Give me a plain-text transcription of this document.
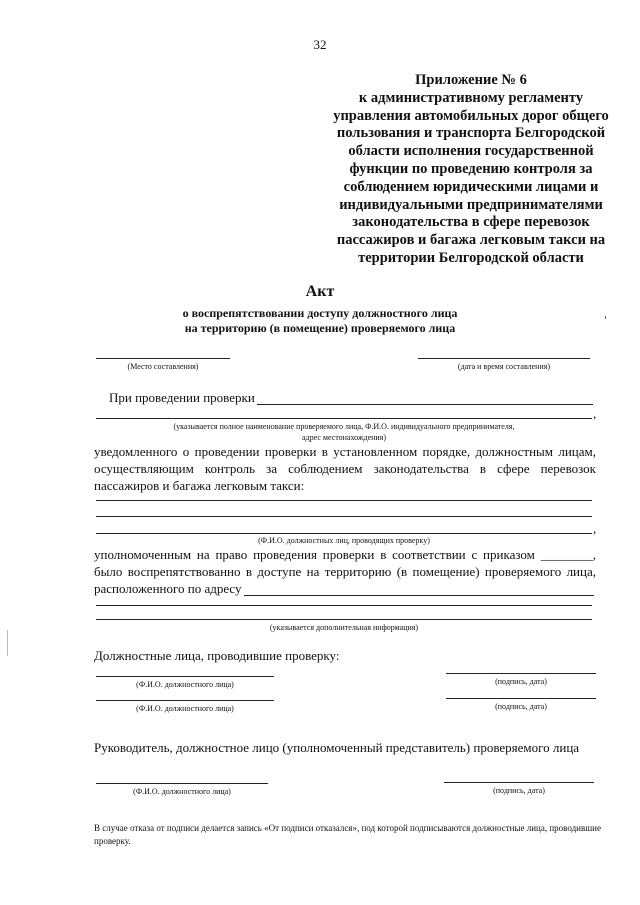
32
Приложение № 6
к административному регламенту
управления автомобильных дорог общего
пользования и транспорта Белгородской
области исполнения государственной
функции по проведению контроля за
соблюдением юридическими лицами и
индивидуальными предпринимателями
законодательства в сфере перевозок
пассажиров и багажа легковым такси на
территории Белгородской области
Акт
о воспрепятствовании доступу должностного лица
на территорию (в помещение) проверяемого лица
(Место составления)	(дата и время составления)
При проведении проверки
,
(указывается полное наименование проверяемого лица, Ф.И.О. индивидуального предпринимателя,
адрес местонахождения)
уведомленного о проведении проверки в установленном порядке, должностным лицам,
осуществляющим контроль за соблюдением законодательства в сфере перевозок
пассажиров и багажа легковым такси:
,
(Ф.И.О. должностных лиц, проводящих проверку)
уполномоченным на право проведения проверки в соответствии с приказом ________,
было воспрепятствованно в доступе на территорию (в помещение) проверяемого лица,
расположенного по адресу
(указывается дополнительная информация)
Должностные лица, проводившие проверку:
(Ф.И.О. должностного лица)	(подпись, дата)
(Ф.И.О. должностного лица)	(подпись, дата)
Руководитель, должностное лицо (уполномоченный представитель) проверяемого лица
(Ф.И.О. должностного лица)	(подпись, дата)
В случае отказа от подписи делается запись «От подписи отказался», под которой подписываются должностные лица, проводившие проверку.
